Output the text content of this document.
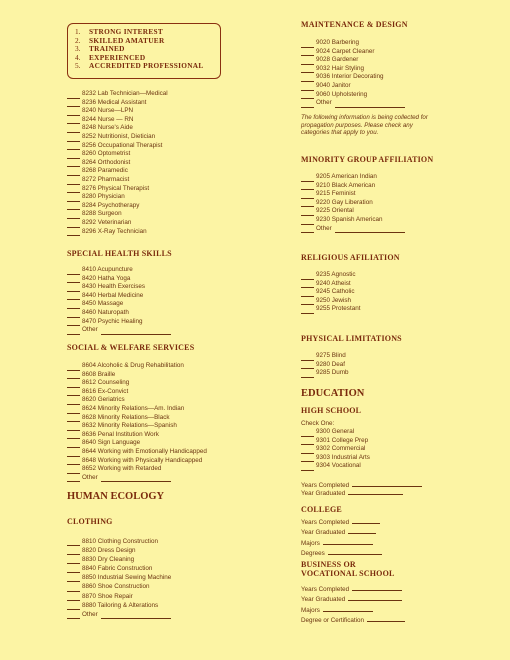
1. STRONG INTEREST
2. SKILLED AMATUER
3. TRAINED
4. EXPERIENCED
5. ACCREDITED PROFESSIONAL
8232 Lab Technician—Medical
8236 Medical Assistant
8240 Nurse—LPN
8244 Nurse — RN
8248 Nurse's Aide
8252 Nutritionist, Dietician
8256 Occupational Therapist
8260 Optometrist
8264 Orthodonist
8268 Paramedic
8272 Pharmacist
8276 Physical Therapist
8280 Physician
8284 Psychotherapy
8288 Surgeon
8292 Veterinarian
8296 X-Ray Technician
SPECIAL HEALTH SKILLS
8410 Acupuncture
8420 Hatha Yoga
8430 Health Exercises
8440 Herbal Medicine
8450 Massage
8460 Naturopath
8470 Psychic Healing
Other
SOCIAL & WELFARE SERVICES
8604 Alcoholic & Drug Rehabilitation
8608 Braille
8612 Counseling
8616 Ex-Convict
8620 Geriatrics
8624 Minority Relations—Am. Indian
8628 Minority Relations—Black
8632 Minority Relations—Spanish
8636 Penal Institution Work
8640 Sign Language
8644 Working with Emotionally Handicapped
8648 Working with Physically Handicapped
8652 Working with Retarded
Other
HUMAN ECOLOGY
CLOTHING
8810 Clothing Construction
8820 Dress Design
8830 Dry Cleaning
8840 Fabric Construction
8850 Industrial Sewing Machine
8860 Shoe Construction
8870 Shoe Repair
8880 Tailoring & Alterations
Other
MAINTENANCE & DESIGN
9020 Barbering
9024 Carpet Cleaner
9028 Gardener
9032 Hair Styling
9036 Interior Decorating
9040 Janitor
9060 Upholstering
Other
The following information is being collected for propagation purposes. Please check any categories that apply to you.
MINORITY GROUP AFFILIATION
9205 American Indian
9210 Black American
9215 Feminist
9220 Gay Liberation
9225 Oriental
9230 Spanish American
Other
RELIGIOUS AFILIATION
9235 Agnostic
9240 Atheist
9245 Catholic
9250 Jewish
9255 Protestant
PHYSICAL LIMITATIONS
9275 Blind
9280 Deaf
9285 Dumb
EDUCATION
HIGH SCHOOL
Check One:
9300 General
9301 College Prep
9302 Commercial
9303 Industrial Arts
9304 Vocational
Years Completed
Year Graduated
COLLEGE
Years Completed
Year Graduated
Majors
Degrees
BUSINESS OR
VOCATIONAL SCHOOL
Years Completed
Year Graduated
Majors
Degree or Certification
